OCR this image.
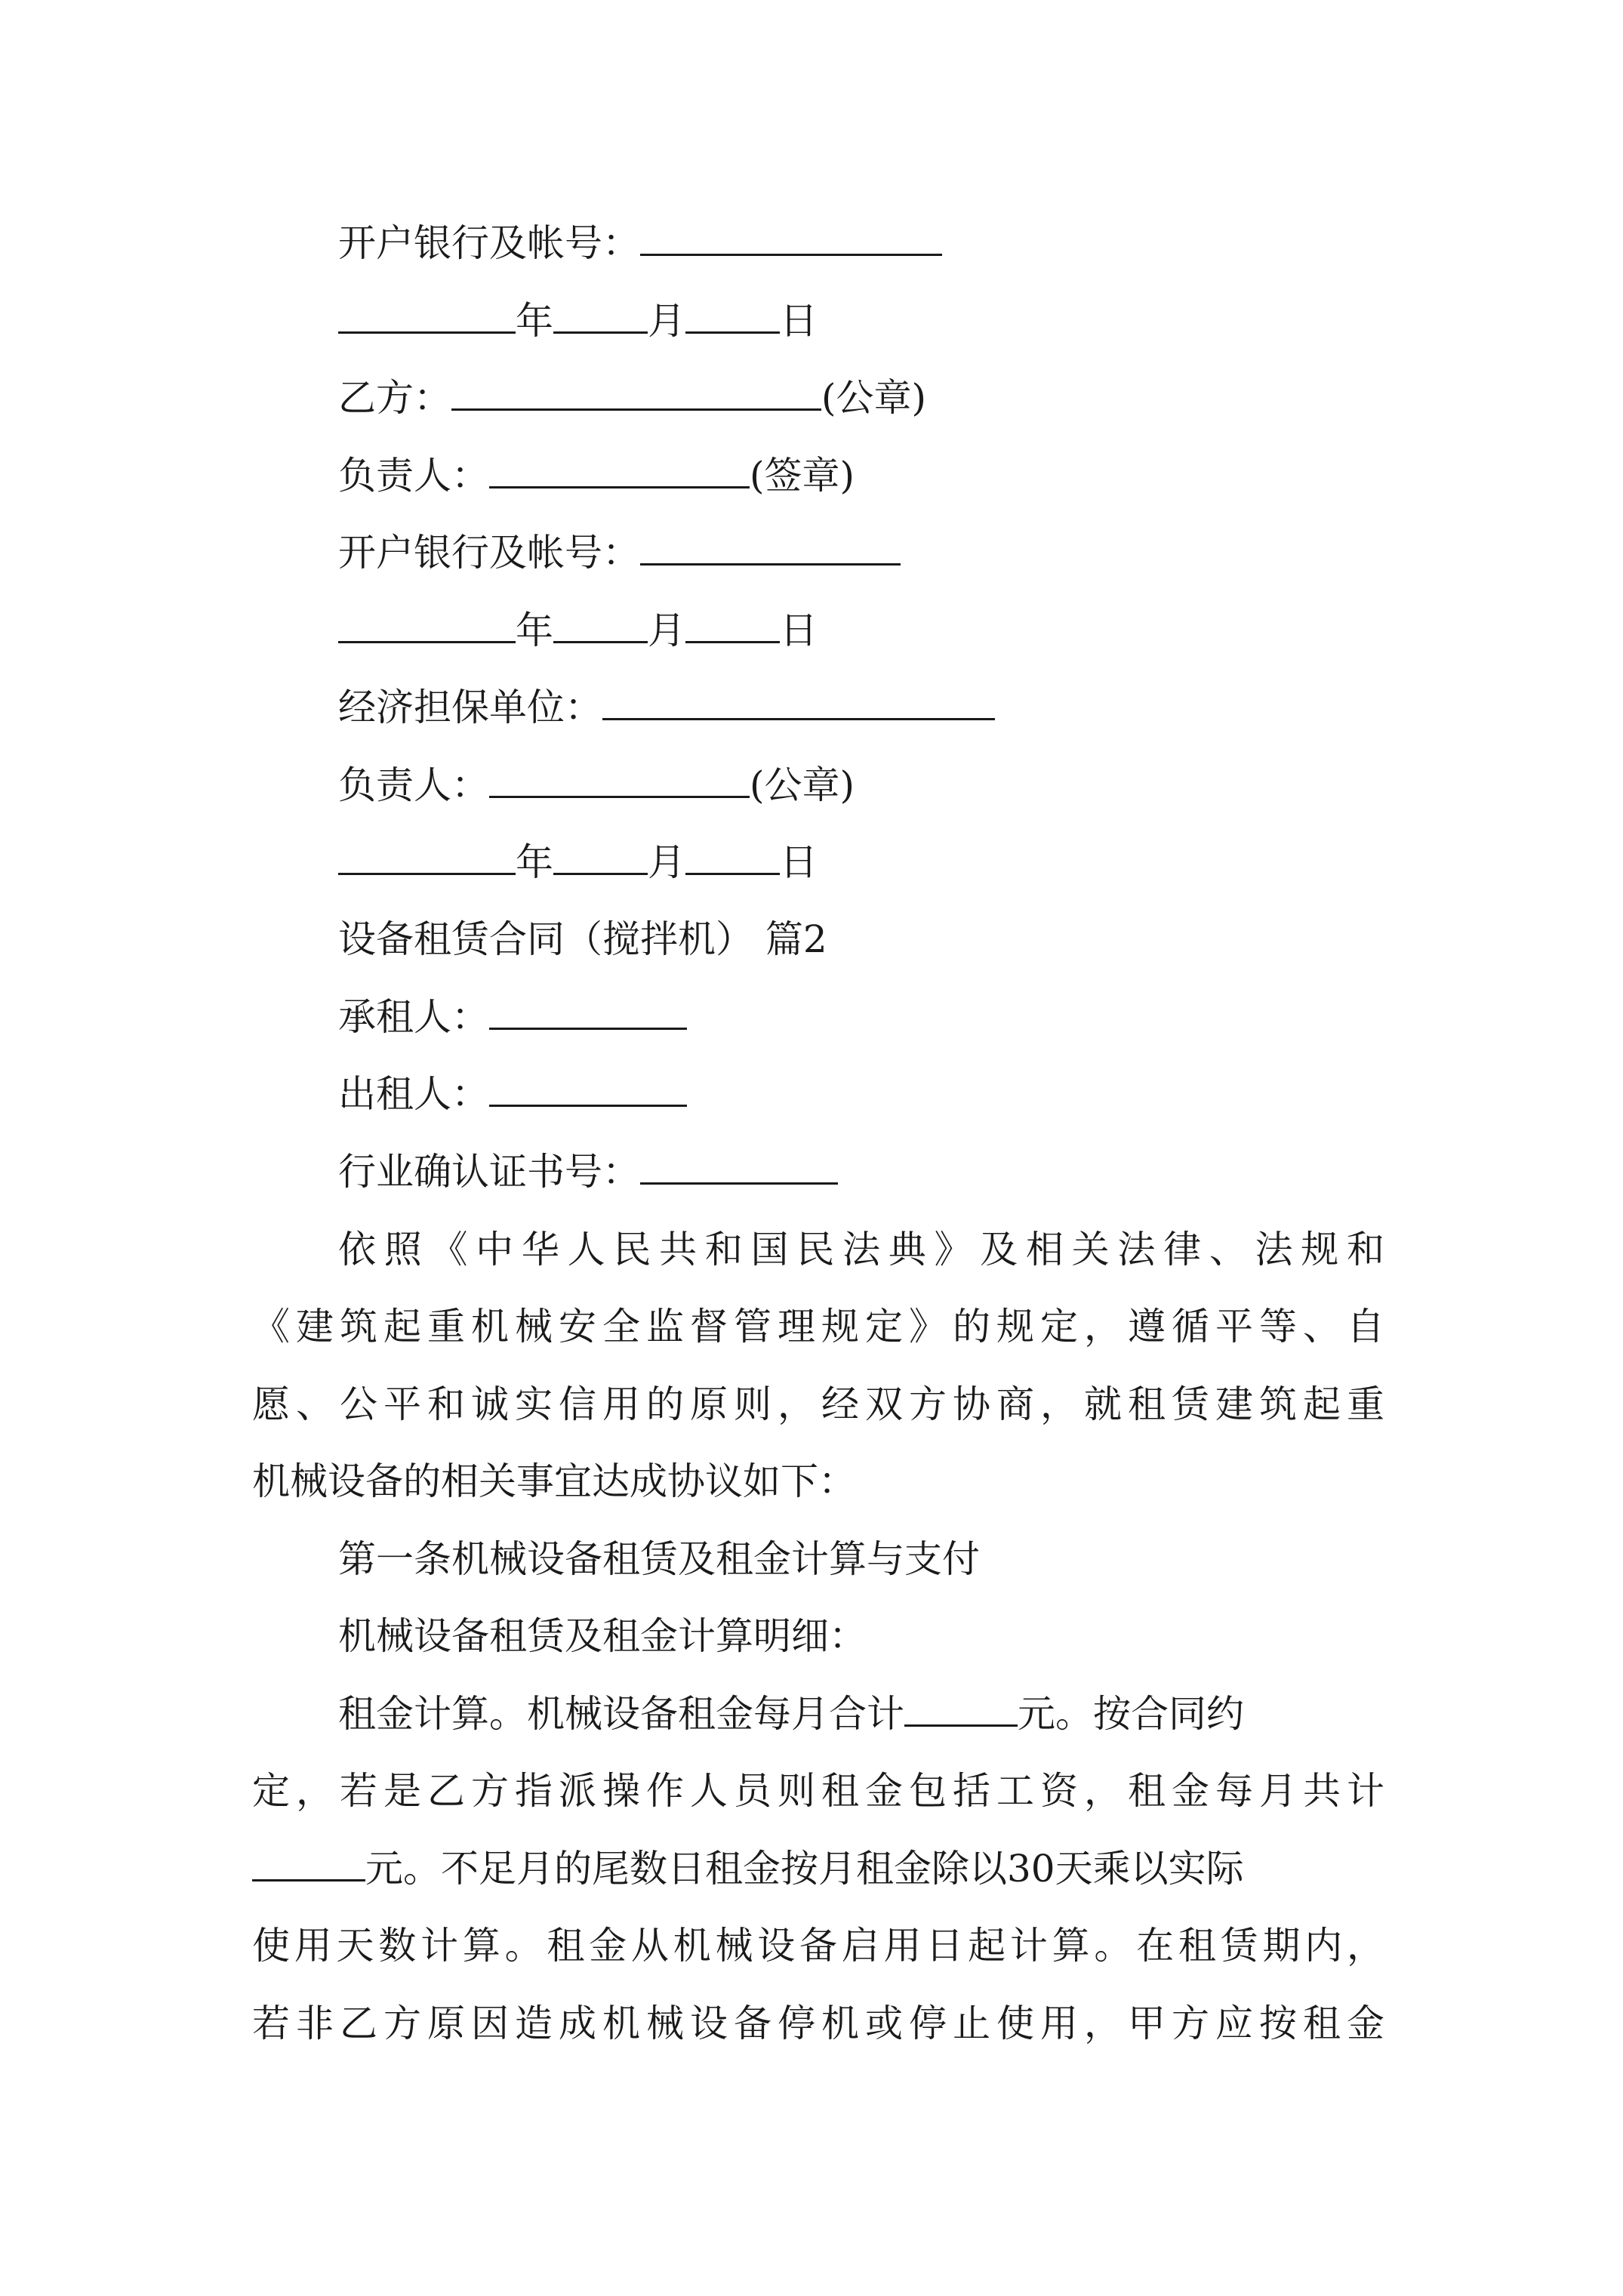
开户银行及帐号：
年	月	日
乙方：	(公章)
负责人：	(签章)
开户银行及帐号：
年	月	日
经济担保单位：
负责人：	(公章)
年	月	日
设备租赁合同（搅拌机） 篇2
承租人：
出租人：
行业确认证书号：
依照《中华人民共和国民法典》及相关法律、法规和
《建筑起重机械安全监督管理规定》的规定，遵循平等、自
愿、公平和诚实信用的原则，经双方协商，就租赁建筑起重
机械设备的相关事宜达成协议如下：
第一条机械设备租赁及租金计算与支付
机械设备租赁及租金计算明细：
租金计算。机械设备租金每月合计	元。按合同约
定，若是乙方指派操作人员则租金包括工资，租金每月共计
元。不足月的尾数日租金按月租金除以30天乘以实际
使用天数计算。租金从机械设备启用日起计算。在租赁期内，
若非乙方原因造成机械设备停机或停止使用，甲方应按租金
